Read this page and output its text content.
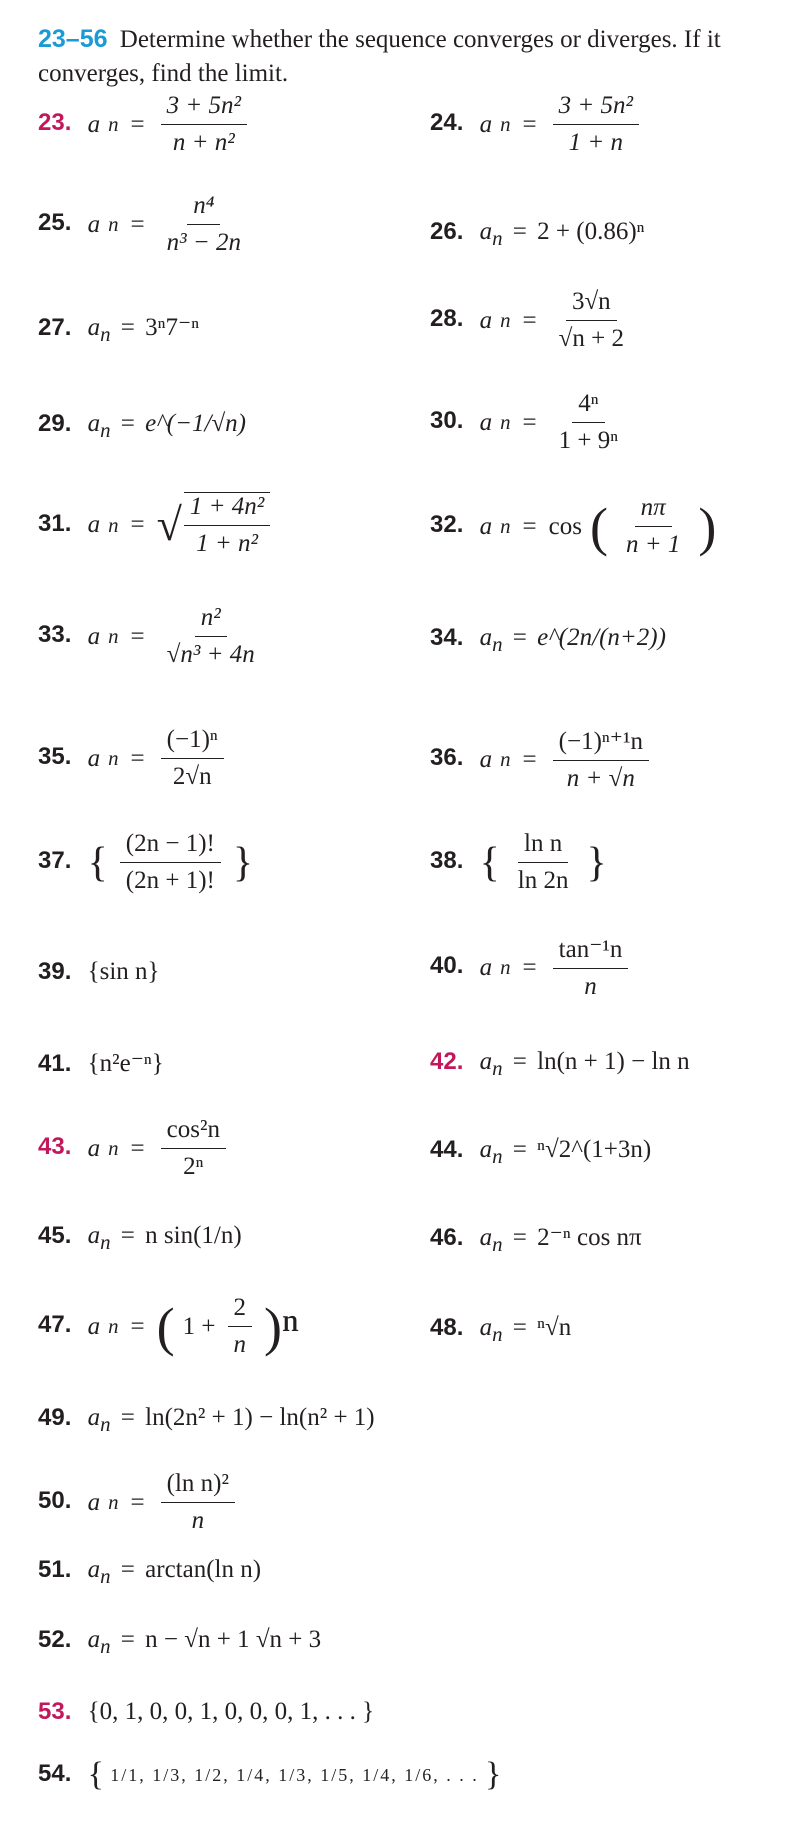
23–56 Determine whether the sequence converges or diverges. If it converges, find the limit.
23. a $n = \frac{\text{3 + 5n²}}{\text{n + n²}}$	24. a $n = \frac{\text{3 + 5n²}}{1 + n}$
25. a $n = \frac{\text{n⁴}}{\text{n³ − 2n}}$	26. $a_n = 2 + (0.86)^n$
27. $a_n = 3^n7^{-n}$	28. a $n = \frac{3√n}{√n + 2}$
29. $a_n$ = e^(−1/√n)	30. a $n = \frac{\text{4ⁿ}}{\text{1 + 9ⁿ}}$
31. a n = √ $\frac{\text{1 + 4n²}}{\text{1 + n²}}$	32. a n = cos ( $\frac{n\pi}{n + 1}$ )
33. a $n = \frac{\text{n²}}{\text{√n³ + 4n}}$	34. $a_n$ = e^(2n/(n+2))
35. a $n = \frac{\text{(−1)ⁿ}}{2√n}$	36. a $n = \frac{\text{(−1)ⁿ⁺¹n}}{n + √n}$
37. { $\frac{(2n - 1)!}{(2n + 1)!}$ }	38. { $\frac{\text{ln n}}{\ln 2n}$ }
39. {sin n}	40. a $n = \frac{\text{tan⁻¹n}}{n}$
41. {n²e⁻ⁿ}	42. $a_n = \ln(n + 1) - \ln n$
43. a $n = \frac{\text{cos²n}}{\text{2ⁿ}}$	44. $a_n$ = ⁿ√2^(1+3n)
45. $a_n = n$ sin(1/n)	46. $a_n = 2^{-n}$ cos nπ
47. a n = ( $1 + \frac{2}{n} )^n$	48. $a_n = ^n√n$
49. $a_n = \ln(2n^2 + 1) - \ln(n^2 + 1)$
50. a $n = \frac{\text{(ln n)²}}{n}$
51. $a_n = \arctan(\ln$ n)
52. $a_n = n - √n + 1$ √n + 3
53. {0, 1, 0, 0, 1, 0, 0, 0, 1, . . . }
54. { 1/1, 1/3, 1/2, 1/4, 1/3, 1/5, 1/4, 1/6, . . . }
